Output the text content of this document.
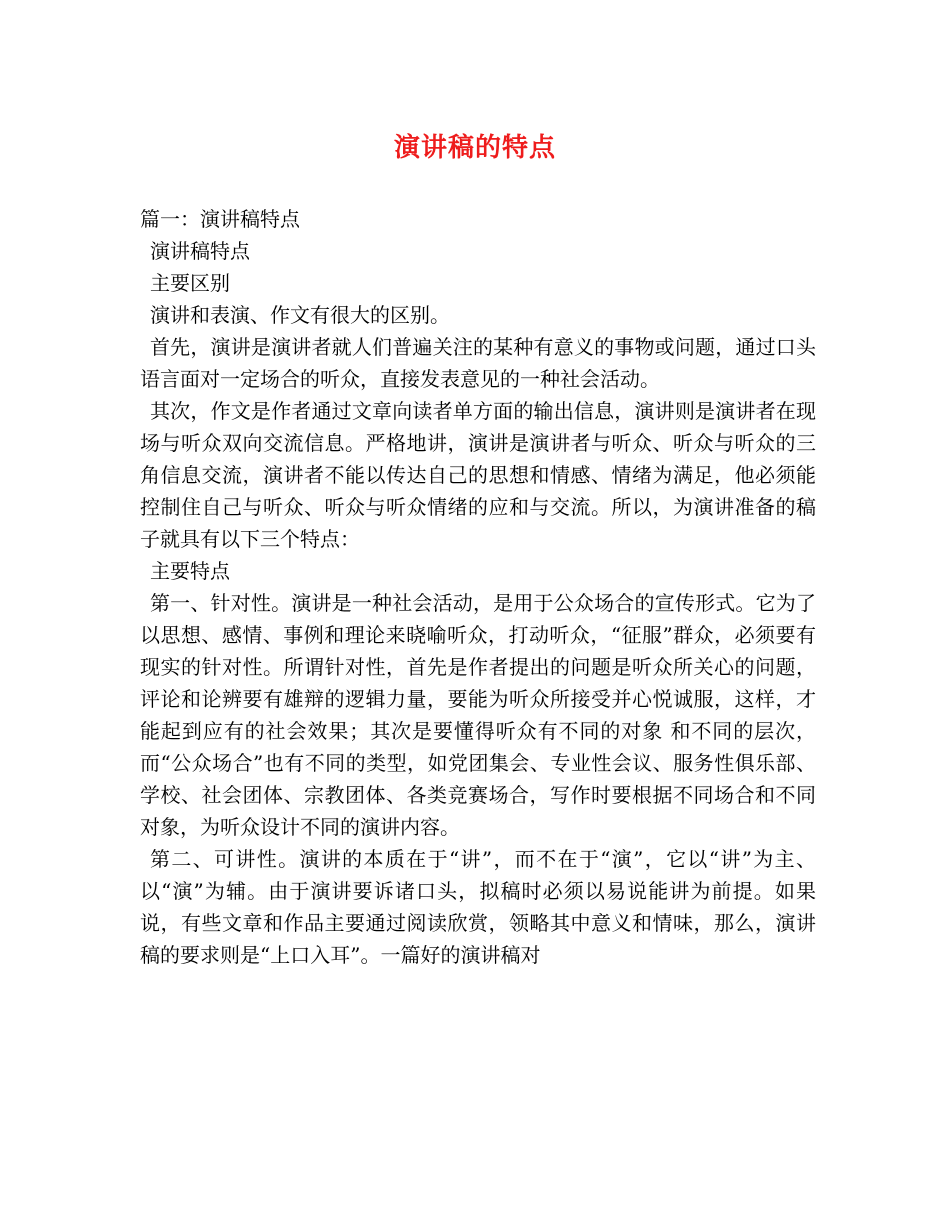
演讲稿的特点
篇一：演讲稿特点
演讲稿特点
主要区别
演讲和表演、作文有很大的区别。
首先，演讲是演讲者就人们普遍关注的某种有意义的事物或问题，通过口头语言面对一定场合的听众，直接发表意见的一种社会活动。
其次，作文是作者通过文章向读者单方面的输出信息，演讲则是演讲者在现场与听众双向交流信息。严格地讲，演讲是演讲者与听众、听众与听众的三角信息交流，演讲者不能以传达自己的思想和情感、情绪为满足，他必须能控制住自己与听众、听众与听众情绪的应和与交流。所以，为演讲准备的稿子就具有以下三个特点：
主要特点
第一、针对性。演讲是一种社会活动，是用于公众场合的宣传形式。它为了以思想、感情、事例和理论来晓喻听众，打动听众，“征服”群众，必须要有现实的针对性。所谓针对性，首先是作者提出的问题是听众所关心的问题，评论和论辨要有雄辩的逻辑力量，要能为听众所接受并心悦诚服，这样，才能起到应有的社会效果；其次是要懂得听众有不同的对象 和不同的层次，而“公众场合”也有不同的类型，如党团集会、专业性会议、服务性俱乐部、 学校、社会团体、宗教团体、各类竞赛场合，写作时要根据不同场合和不同对象，为听众设计不同的演讲内容。
第二、可讲性。演讲的本质在于“讲”，而不在于“演”，它以“讲”为主、以“演”为辅。由于演讲要诉诸口头，拟稿时必须以易说能讲为前提。如果说，有些文章和作品主要通过阅读欣赏，领略其中意义和情味，那么，演讲稿的要求则是“上口入耳”。一篇好的演讲稿对
